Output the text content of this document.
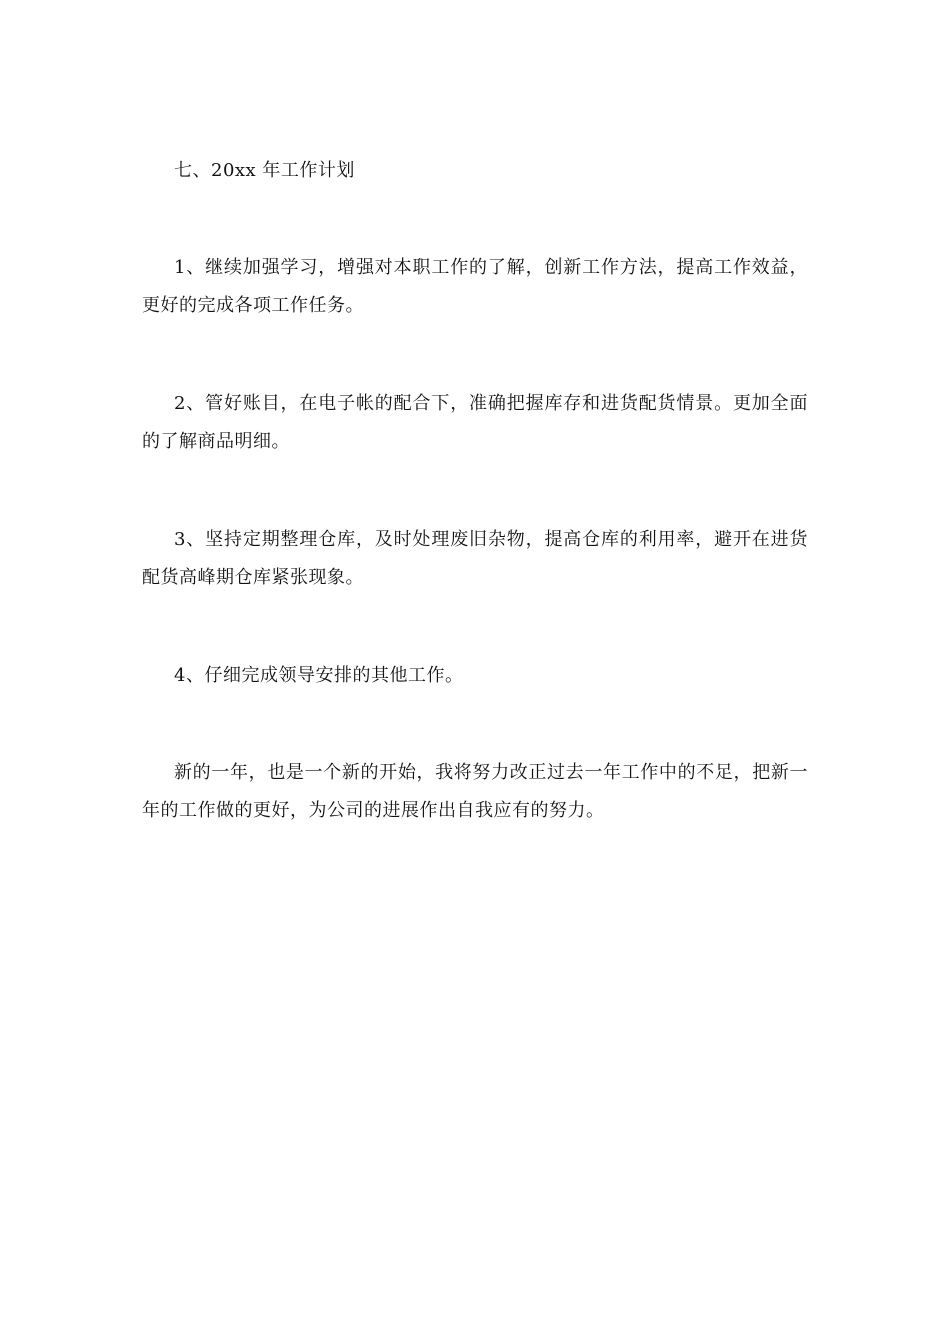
七、20xx 年工作计划

1、继续加强学习，增强对本职工作的了解，创新工作方法，提高工作效益，更好的完成各项工作任务。

2、管好账目，在电子帐的配合下，准确把握库存和进货配货情景。更加全面的了解商品明细。

3、坚持定期整理仓库，及时处理废旧杂物，提高仓库的利用率，避开在进货配货高峰期仓库紧张现象。

4、仔细完成领导安排的其他工作。

新的一年，也是一个新的开始，我将努力改正过去一年工作中的不足，把新一年的工作做的更好，为公司的进展作出自我应有的努力。
